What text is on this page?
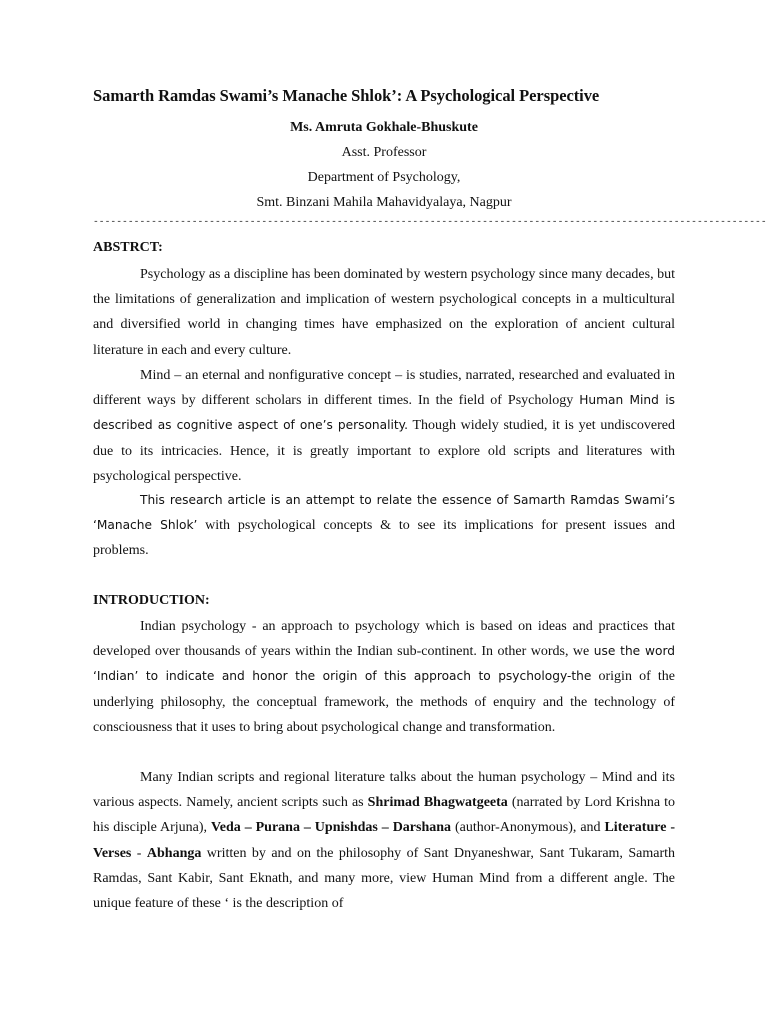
Samarth Ramdas Swami’s Manache Shlok’: A Psychological Perspective
Ms. Amruta Gokhale-Bhuskute
Asst. Professor
Department of Psychology,
Smt. Binzani Mahila Mahavidyalaya, Nagpur
--------------------------------------------------------------------------------------------------------------------
ABSTRCT:

Psychology as a discipline has been dominated by western psychology since many decades, but the limitations of generalization and implication of western psychological concepts in a multicultural and diversified world in changing times have emphasized on the exploration of ancient cultural literature in each and every culture.

Mind – an eternal and nonfigurative concept – is studies, narrated, researched and evaluated in different ways by different scholars in different times. In the field of Psychology Human Mind is described as cognitive aspect of one’s personality. Though widely studied, it is yet undiscovered due to its intricacies. Hence, it is greatly important to explore old scripts and literatures with psychological perspective.

This research article is an attempt to relate the essence of Samarth Ramdas Swami’s ‘Manache Shlok’ with psychological concepts & to see its implications for present issues and problems.

INTRODUCTION:

Indian psychology - an approach to psychology which is based on ideas and practices that developed over thousands of years within the Indian sub-continent. In other words, we use the word ‘Indian’ to indicate and honor the origin of this approach to psychology-the origin of the underlying philosophy, the conceptual framework, the methods of enquiry and the technology of consciousness that it uses to bring about psychological change and transformation.

Many Indian scripts and regional literature talks about the human psychology – Mind and its various aspects. Namely, ancient scripts such as Shrimad Bhagwatgeeta (narrated by Lord Krishna to his disciple Arjuna), Veda – Purana – Upnishdas – Darshana (author-Anonymous), and Literature - Verses - Abhanga written by and on the philosophy of Sant Dnyaneshwar, Sant Tukaram, Samarth Ramdas, Sant Kabir, Sant Eknath, and many more, view Human Mind from a different angle. The unique feature of these ‘ is the description of
